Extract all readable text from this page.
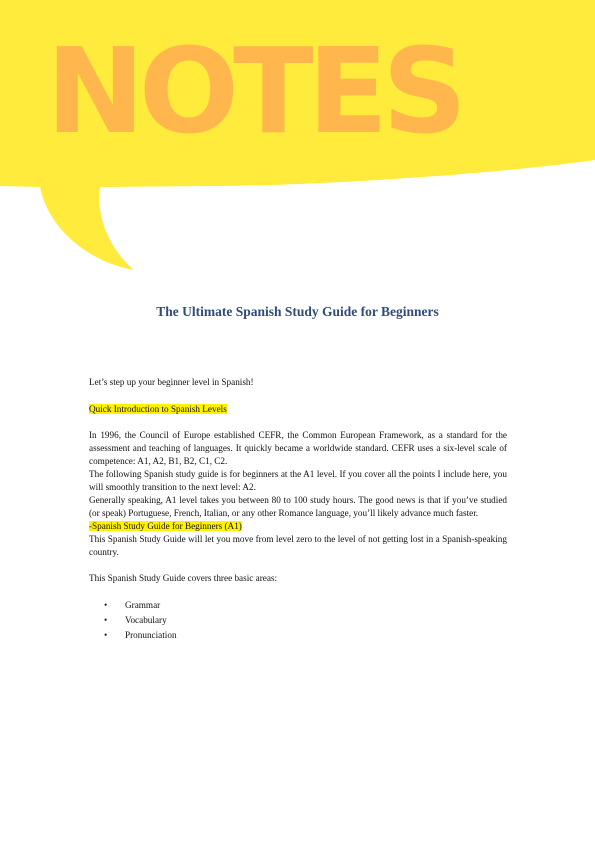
NOTES
The Ultimate Spanish Study Guide for Beginners

Let’s step up your beginner level in Spanish!

Quick Introduction to Spanish Levels

In 1996, the Council of Europe established CEFR, the Common European Framework, as a standard for the assessment and teaching of languages. It quickly became a worldwide standard. CEFR uses a six-level scale of competence: A1, A2, B1, B2, C1, C2.

The following Spanish study guide is for beginners at the A1 level. If you cover all the points I include here, you will smoothly transition to the next level: A2.

Generally speaking, A1 level takes you between 80 to 100 study hours. The good news is that if you’ve studied (or speak) Portuguese, French, Italian, or any other Romance language, you’ll likely advance much faster.

-Spanish Study Guide for Beginners (A1)

This Spanish Study Guide will let you move from level zero to the level of not getting lost in a Spanish-speaking country.

This Spanish Study Guide covers three basic areas:

• Grammar
• Vocabulary
• Pronunciation
